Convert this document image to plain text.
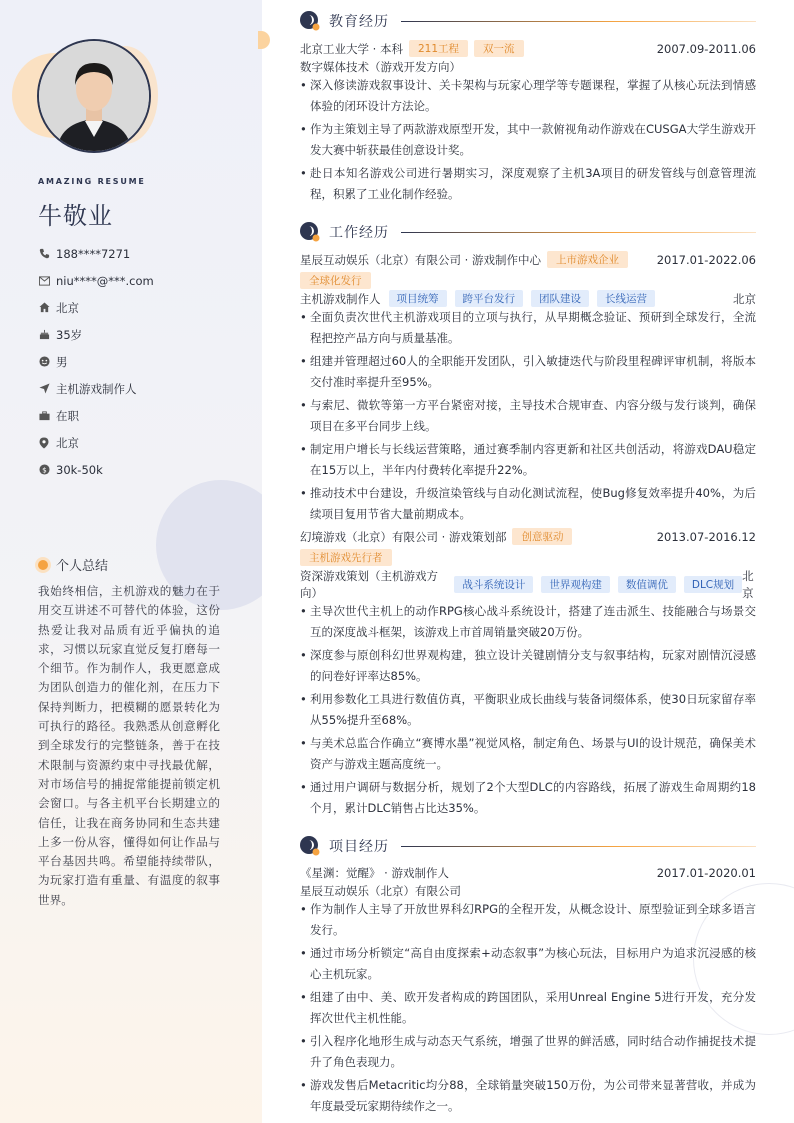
AMAZING RESUME
牛敬业
188****7271
niu****@***.com
北京
35岁
男
主机游戏制作人
在职
北京
$ 30k-50k
个人总结
我始终相信，主机游戏的魅力在于用交互讲述不可替代的体验，这份热爱让我对品质有近乎偏执的追求，习惯以玩家直觉反复打磨每一个细节。作为制作人，我更愿意成为团队创造力的催化剂，在压力下保持判断力，把模糊的愿景转化为可执行的路径。我熟悉从创意孵化到全球发行的完整链条，善于在技术限制与资源约束中寻找最优解，对市场信号的捕捉常能提前锁定机会窗口。与各主机平台长期建立的信任，让我在商务协同和生态共建上多一份从容，懂得如何让作品与平台基因共鸣。希望能持续带队，为玩家打造有重量、有温度的叙事世界。
教育经历
北京工业大学 · 本科	211工程	双一流	2007.09-2011.06
数字媒体技术（游戏开发方向）
• 深入修读游戏叙事设计、关卡架构与玩家心理学等专题课程，掌握了从核心玩法到情感体验的闭环设计方法论。
• 作为主策划主导了两款游戏原型开发，其中一款俯视角动作游戏在CUSGA大学生游戏开发大赛中斩获最佳创意设计奖。
• 赴日本知名游戏公司进行暑期实习，深度观察了主机3A项目的研发管线与创意管理流程，积累了工业化制作经验。
工作经历
星辰互动娱乐（北京）有限公司 · 游戏制作中心	上市游戏企业	2017.01-2022.06
全球化发行
主机游戏制作人	项目统筹	跨平台发行	团队建设	长线运营	北京
• 全面负责次世代主机游戏项目的立项与执行，从早期概念验证、预研到全球发行，全流程把控产品方向与质量基准。
• 组建并管理超过60人的全职能开发团队，引入敏捷迭代与阶段里程碑评审机制，将版本交付准时率提升至95%。
• 与索尼、微软等第一方平台紧密对接，主导技术合规审查、内容分级与发行谈判，确保项目在多平台同步上线。
• 制定用户增长与长线运营策略，通过赛季制内容更新和社区共创活动，将游戏DAU稳定在15万以上，半年内付费转化率提升22%。
• 推动技术中台建设，升级渲染管线与自动化测试流程，使Bug修复效率提升40%，为后续项目复用节省大量前期成本。
幻境游戏（北京）有限公司 · 游戏策划部	创意驱动	2013.07-2016.12
主机游戏先行者
资深游戏策划（主机游戏方向）
战斗系统设计 世界观构建 数值调优 DLC规划
北京
• 主导次世代主机上的动作RPG核心战斗系统设计，搭建了连击派生、技能融合与场景交互的深度战斗框架，该游戏上市首周销量突破20万份。
• 深度参与原创科幻世界观构建，独立设计关键剧情分支与叙事结构，玩家对剧情沉浸感的问卷好评率达85%。
• 利用参数化工具进行数值仿真，平衡职业成长曲线与装备词缀体系，使30日玩家留存率从55%提升至68%。
• 与美术总监合作确立“赛博水墨”视觉风格，制定角色、场景与UI的设计规范，确保美术资产与游戏主题高度统一。
• 通过用户调研与数据分析，规划了2个大型DLC的内容路线，拓展了游戏生命周期约18个月，累计DLC销售占比达35%。
项目经历
《星渊：觉醒》 · 游戏制作人	2017.01-2020.01
星辰互动娱乐（北京）有限公司
• 作为制作人主导了开放世界科幻RPG的全程开发，从概念设计、原型验证到全球多语言发行。
• 通过市场分析锁定“高自由度探索+动态叙事”为核心玩法，目标用户为追求沉浸感的核心主机玩家。
• 组建了由中、美、欧开发者构成的跨国团队，采用Unreal Engine 5进行开发，充分发挥次世代主机性能。
• 引入程序化地形生成与动态天气系统，增强了世界的鲜活感，同时结合动作捕捉技术提升了角色表现力。
• 游戏发售后Metacritic均分88，全球销量突破150万份，为公司带来显著营收，并成为年度最受玩家期待续作之一。
